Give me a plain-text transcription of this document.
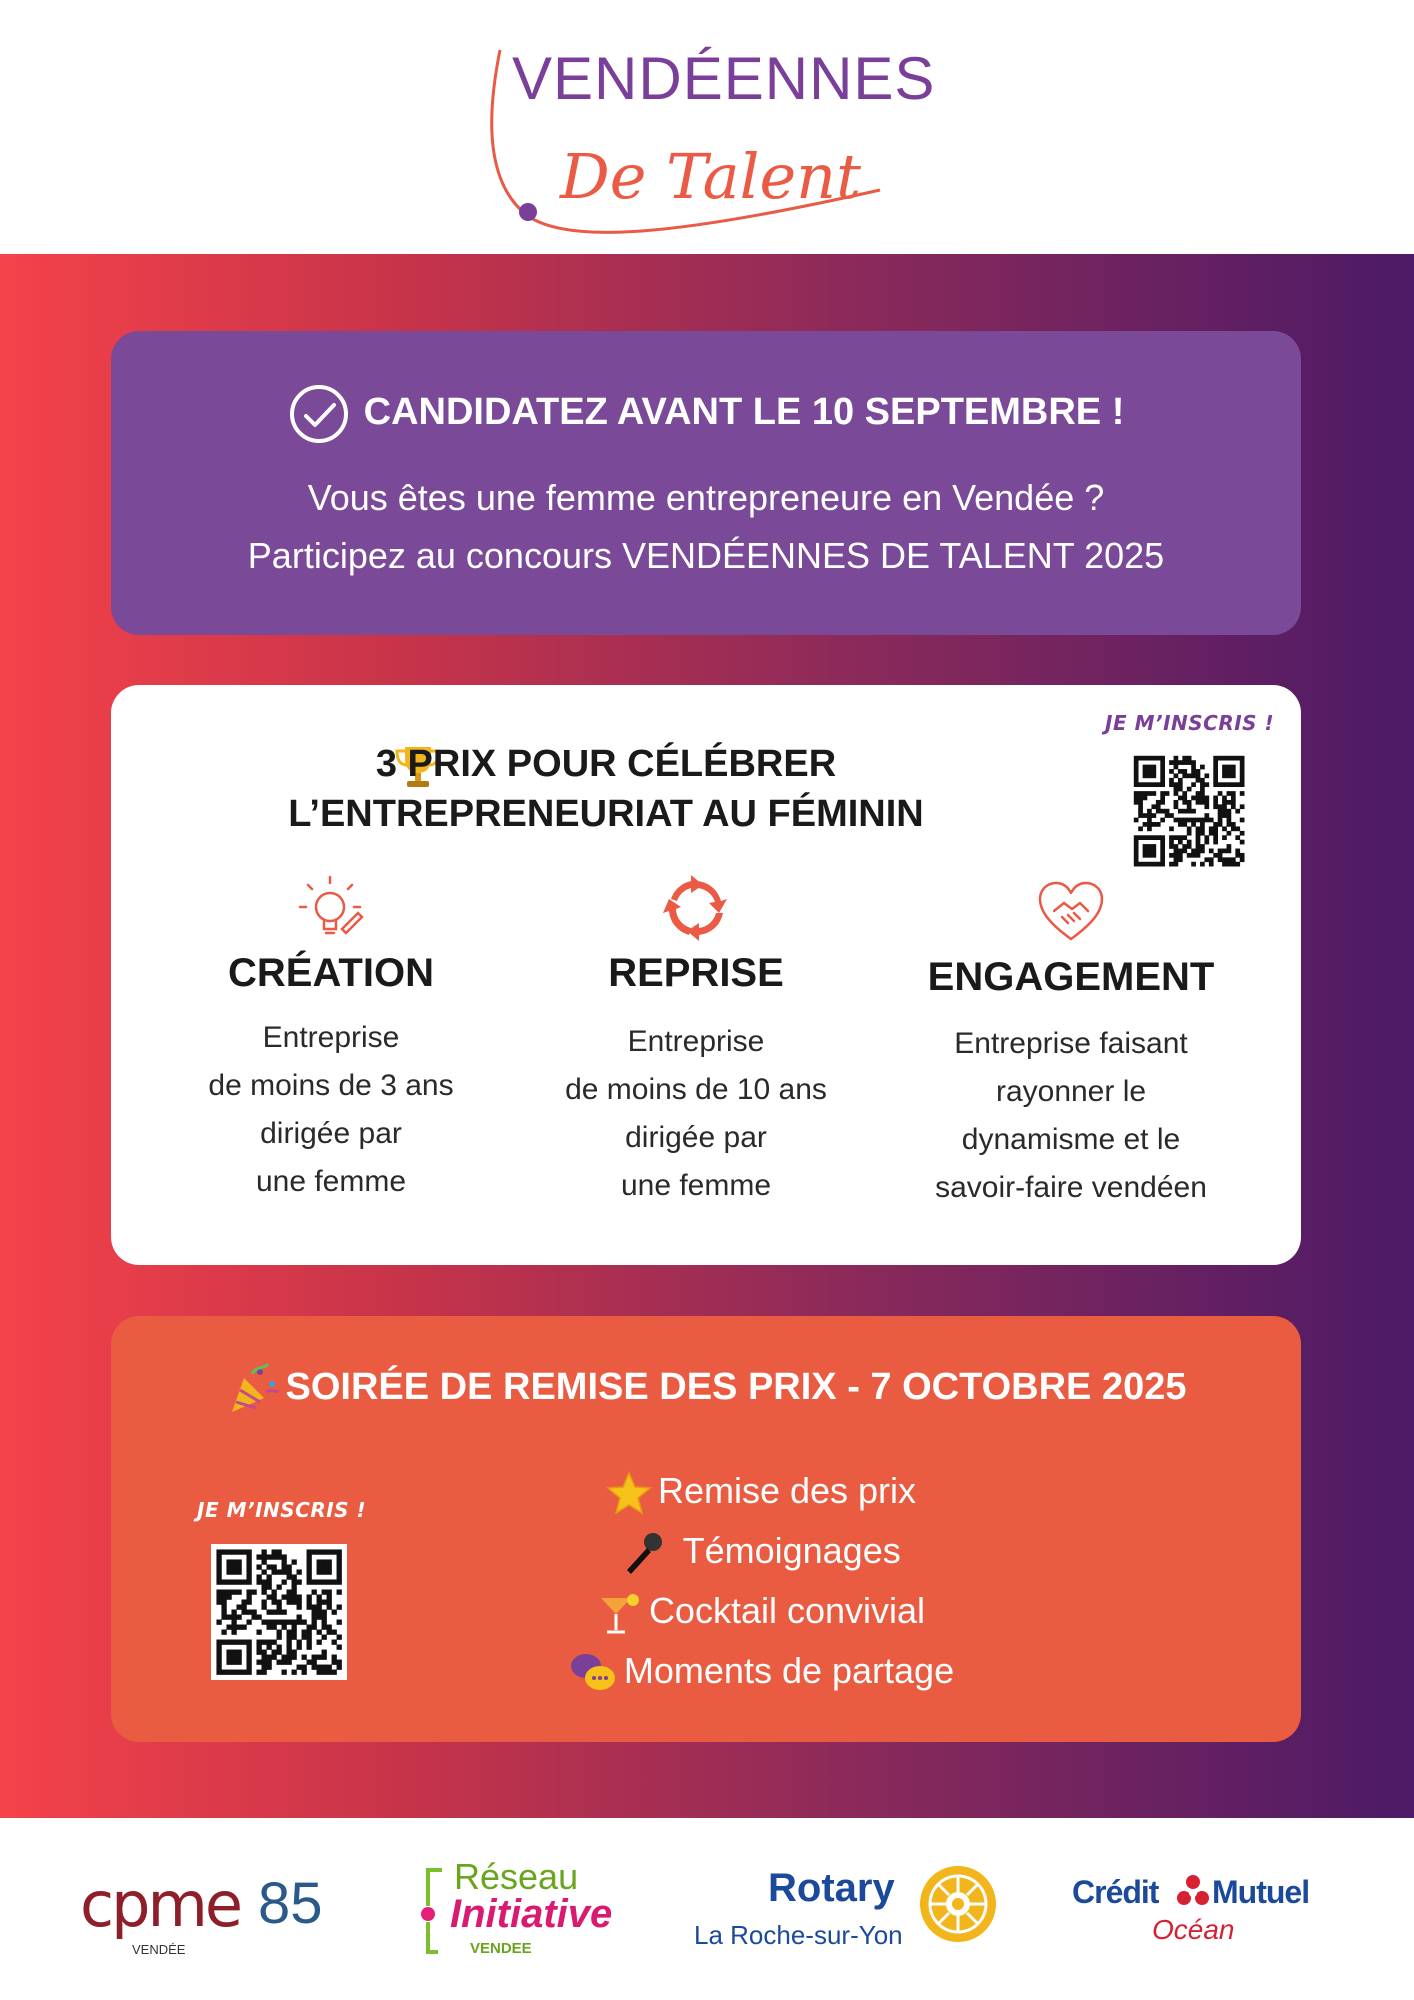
VENDÉENNES
De Talent
CANDIDATEZ AVANT LE 10 SEPTEMBRE !
Vous êtes une femme entrepreneure en Vendée ?
Participez au concours VENDÉENNES DE TALENT 2025
3 PRIX POUR CÉLÉBRER
L’ENTREPRENEURIAT AU FÉMININ
JE M’INSCRIS !
CRÉATION
Entreprise
de moins de 3 ans
dirigée par
une femme
REPRISE
Entreprise
de moins de 10 ans
dirigée par
une femme
ENGAGEMENT
Entreprise faisant
rayonner le
dynamisme et le
savoir-faire vendéen
SOIRÉE DE REMISE DES PRIX - 7 OCTOBRE 2025
JE M’INSCRIS !	Remise des prix
Témoignages
Cocktail convivial
Moments de partage
cpme 85
VENDÉE
Réseau
Initiative
VENDEE
Rotary
La Roche-sur-Yon
Crédit Mutuel
Océan
